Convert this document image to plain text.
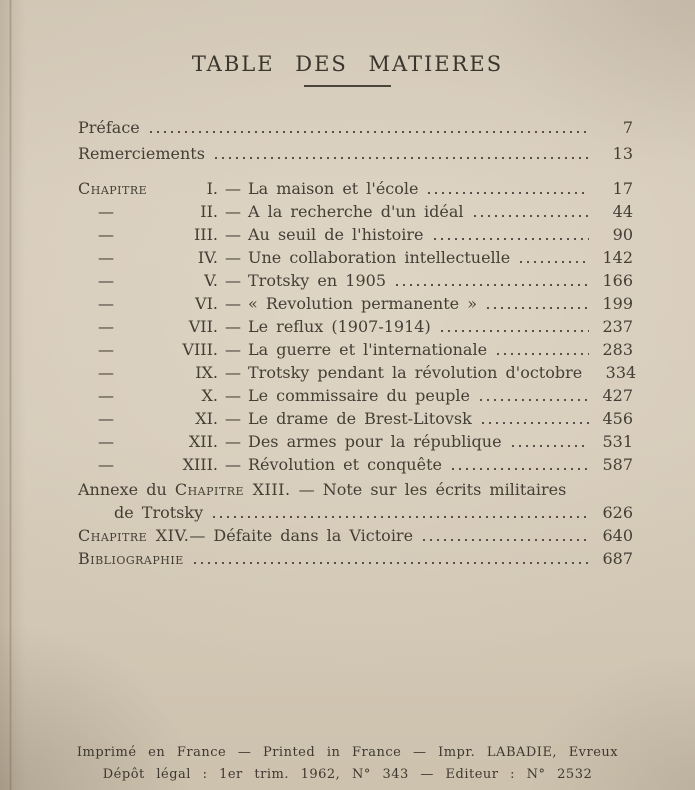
TABLE DES MATIERES
Préface	7
Remerciements	13
Chapitre	I. — La maison et l'école	17
—	II. — A la recherche d'un idéal	44
—	III. — Au seuil de l'histoire	90
—	IV. — Une collaboration intellectuelle	142
—	V. — Trotsky en 1905	166
—	VI. — « Revolution permanente »	199
—	VII. — Le reflux (1907-1914)	237
—	VIII. — La guerre et l'internationale	283
—	IX. — Trotsky pendant la révolution d'octobre	334
—	X. — Le commissaire du peuple	427
—	XI. — Le drame de Brest-Litovsk	456
—	XII. — Des armes pour la république	531
—	XIII. — Révolution et conquête	587
Annexe du Chapitre XIII. — Note sur les écrits militaires
de Trotsky	626
Chapitre XIV. — Défaite dans la Victoire	640
Bibliographie	687
Imprimé en France — Printed in France — Impr. LABADIE, Evreux
Dépôt légal : 1er trim. 1962, N° 343 — Editeur : N° 2532
